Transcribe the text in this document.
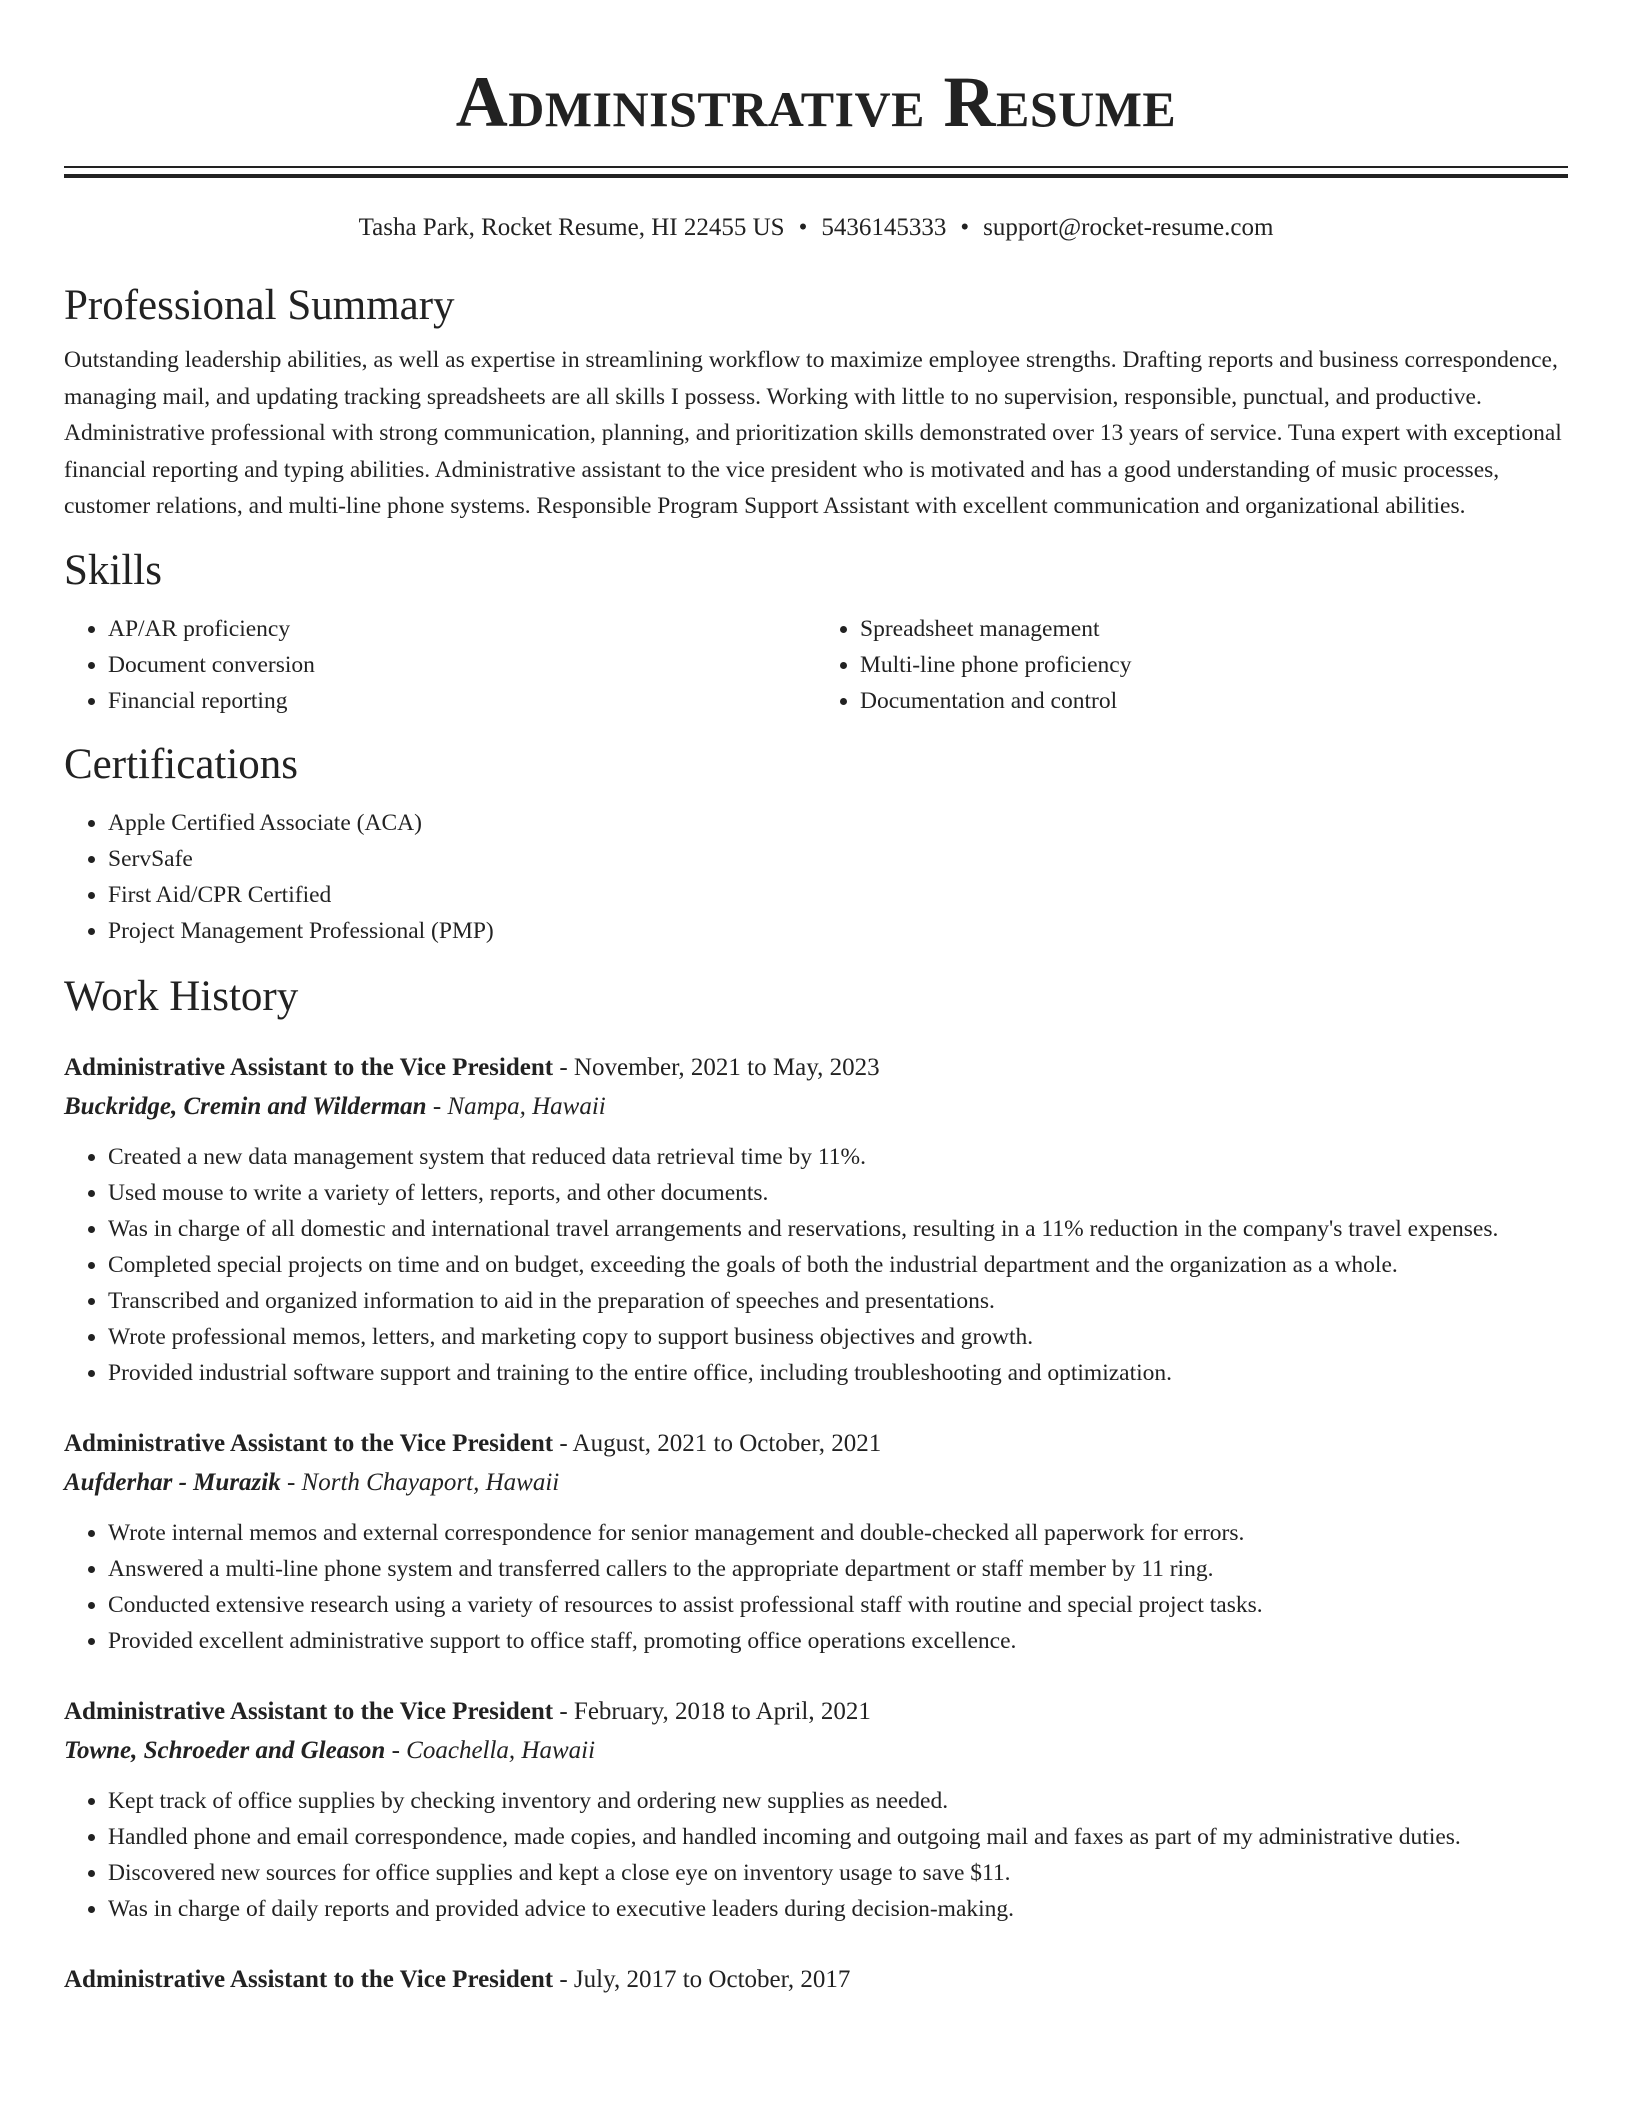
Administrative Resume
Tasha Park, Rocket Resume, HI 22455 US • 5436145333 • support@rocket-resume.com
Professional Summary

Outstanding leadership abilities, as well as expertise in streamlining workflow to maximize employee strengths. Drafting reports and business correspondence, managing mail, and updating tracking spreadsheets are all skills I possess. Working with little to no supervision, responsible, punctual, and productive. Administrative professional with strong communication, planning, and prioritization skills demonstrated over 13 years of service. Tuna expert with exceptional financial reporting and typing abilities. Administrative assistant to the vice president who is motivated and has a good understanding of music processes, customer relations, and multi-line phone systems. Responsible Program Support Assistant with excellent communication and organizational abilities.

Skills
• AP/AR proficiency
• Document conversion
• Financial reporting
• Spreadsheet management
• Multi-line phone proficiency
• Documentation and control
Certifications
• Apple Certified Associate (ACA)
• ServSafe
• First Aid/CPR Certified
• Project Management Professional (PMP)
Work History
Administrative Assistant to the Vice President - November, 2021 to May, 2023
Buckridge, Cremin and Wilderman - Nampa, Hawaii
• Created a new data management system that reduced data retrieval time by 11%.
• Used mouse to write a variety of letters, reports, and other documents.
• Was in charge of all domestic and international travel arrangements and reservations, resulting in a 11% reduction in the company's travel expenses.
• Completed special projects on time and on budget, exceeding the goals of both the industrial department and the organization as a whole.
• Transcribed and organized information to aid in the preparation of speeches and presentations.
• Wrote professional memos, letters, and marketing copy to support business objectives and growth.
• Provided industrial software support and training to the entire office, including troubleshooting and optimization.
Administrative Assistant to the Vice President - August, 2021 to October, 2021
Aufderhar - Murazik - North Chayaport, Hawaii
• Wrote internal memos and external correspondence for senior management and double-checked all paperwork for errors.
• Answered a multi-line phone system and transferred callers to the appropriate department or staff member by 11 ring.
• Conducted extensive research using a variety of resources to assist professional staff with routine and special project tasks.
• Provided excellent administrative support to office staff, promoting office operations excellence.
Administrative Assistant to the Vice President - February, 2018 to April, 2021
Towne, Schroeder and Gleason - Coachella, Hawaii
• Kept track of office supplies by checking inventory and ordering new supplies as needed.
• Handled phone and email correspondence, made copies, and handled incoming and outgoing mail and faxes as part of my administrative duties.
• Discovered new sources for office supplies and kept a close eye on inventory usage to save $11.
• Was in charge of daily reports and provided advice to executive leaders during decision-making.
Administrative Assistant to the Vice President - July, 2017 to October, 2017
